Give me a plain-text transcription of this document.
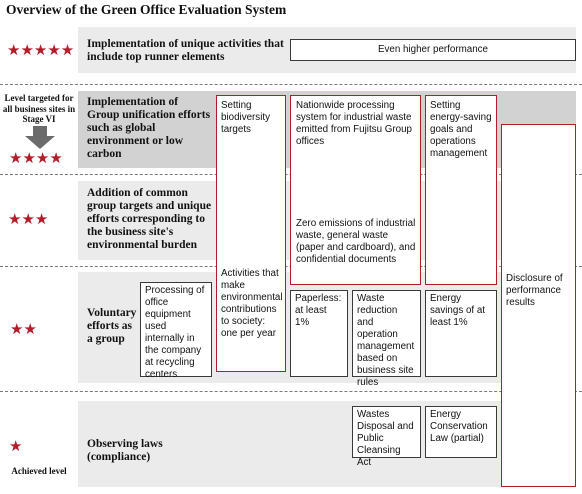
Overview of the Green Office Evaluation System
★★★★★
★★★★
★★★
★★
★
Level targeted for all business sites in Stage VI
Achieved level
Implementation of unique activities that include top runner elements
Implementation of Group unification efforts such as global environment or low carbon
Addition of common group targets and unique efforts corresponding to the business site's environmental burden
Voluntary efforts as a group
Observing laws (compliance)
Even higher performance
Processing of office equipment used internally in the company at recycling centers
Paperless: at least 1%
Waste reduction and operation management based on business site rules
Energy savings of at least 1%
Wastes Disposal and Public Cleansing Act
Energy Conservation Law (partial)
Setting biodiversity targets
Activities that make environmental contributions to society: one per year
Nationwide processing system for industrial waste emitted from Fujitsu Group offices
Zero emissions of industrial waste, general waste (paper and cardboard), and confidential documents
Setting energy-saving goals and operations management
Disclosure of performance results
